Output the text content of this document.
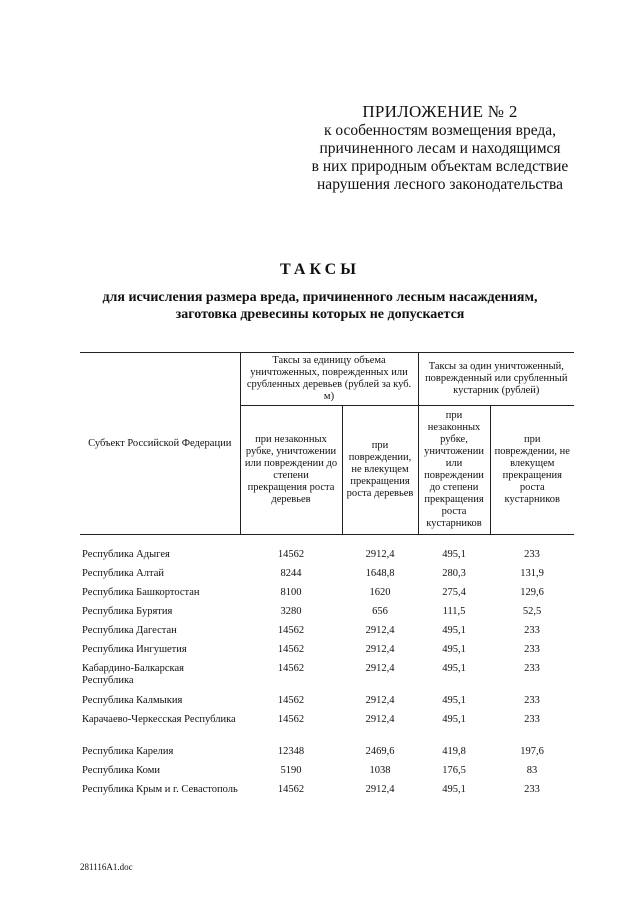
ПРИЛОЖЕНИЕ № 2
к особенностям возмещения вреда,
причиненного лесам и находящимся
в них природным объектам вследствие
нарушения лесного законодательства
ТАКСЫ
для исчисления размера вреда, причиненного лесным насаждениям,
заготовка древесины которых не допускается
Субъект Российской Федерации	Таксы за единицу объема уничтоженных, поврежденных или срубленных деревьев (рублей за куб. м)		Таксы за один уничтоженный, поврежденный или срубленный кустарник (рублей)	
	при незаконных рубке, уничтожении или повреждении до степени прекращения роста деревьев	при повреждении, не влекущем прекращения роста деревьев	при незаконных рубке, уничтожении или повреждении до степени прекращения роста кустарников	при повреждении, не влекущем прекращения роста кустарников

Республика Адыгея	14562	2912,4	495,1	233
Республика Алтай	8244	1648,8	280,3	131,9
Республика Башкортостан	8100	1620	275,4	129,6
Республика Бурятия	3280	656	111,5	52,5
Республика Дагестан	14562	2912,4	495,1	233
Республика Ингушетия	14562	2912,4	495,1	233
Кабардино-Балкарская Республика	14562	2912,4	495,1	233
Республика Калмыкия	14562	2912,4	495,1	233
Карачаево-Черкесская Республика	14562	2912,4	495,1	233
Республика Карелия	12348	2469,6	419,8	197,6
Республика Коми	5190	1038	176,5	83
Республика Крым и г. Севастополь	14562	2912,4	495,1	233
281116A1.doc
